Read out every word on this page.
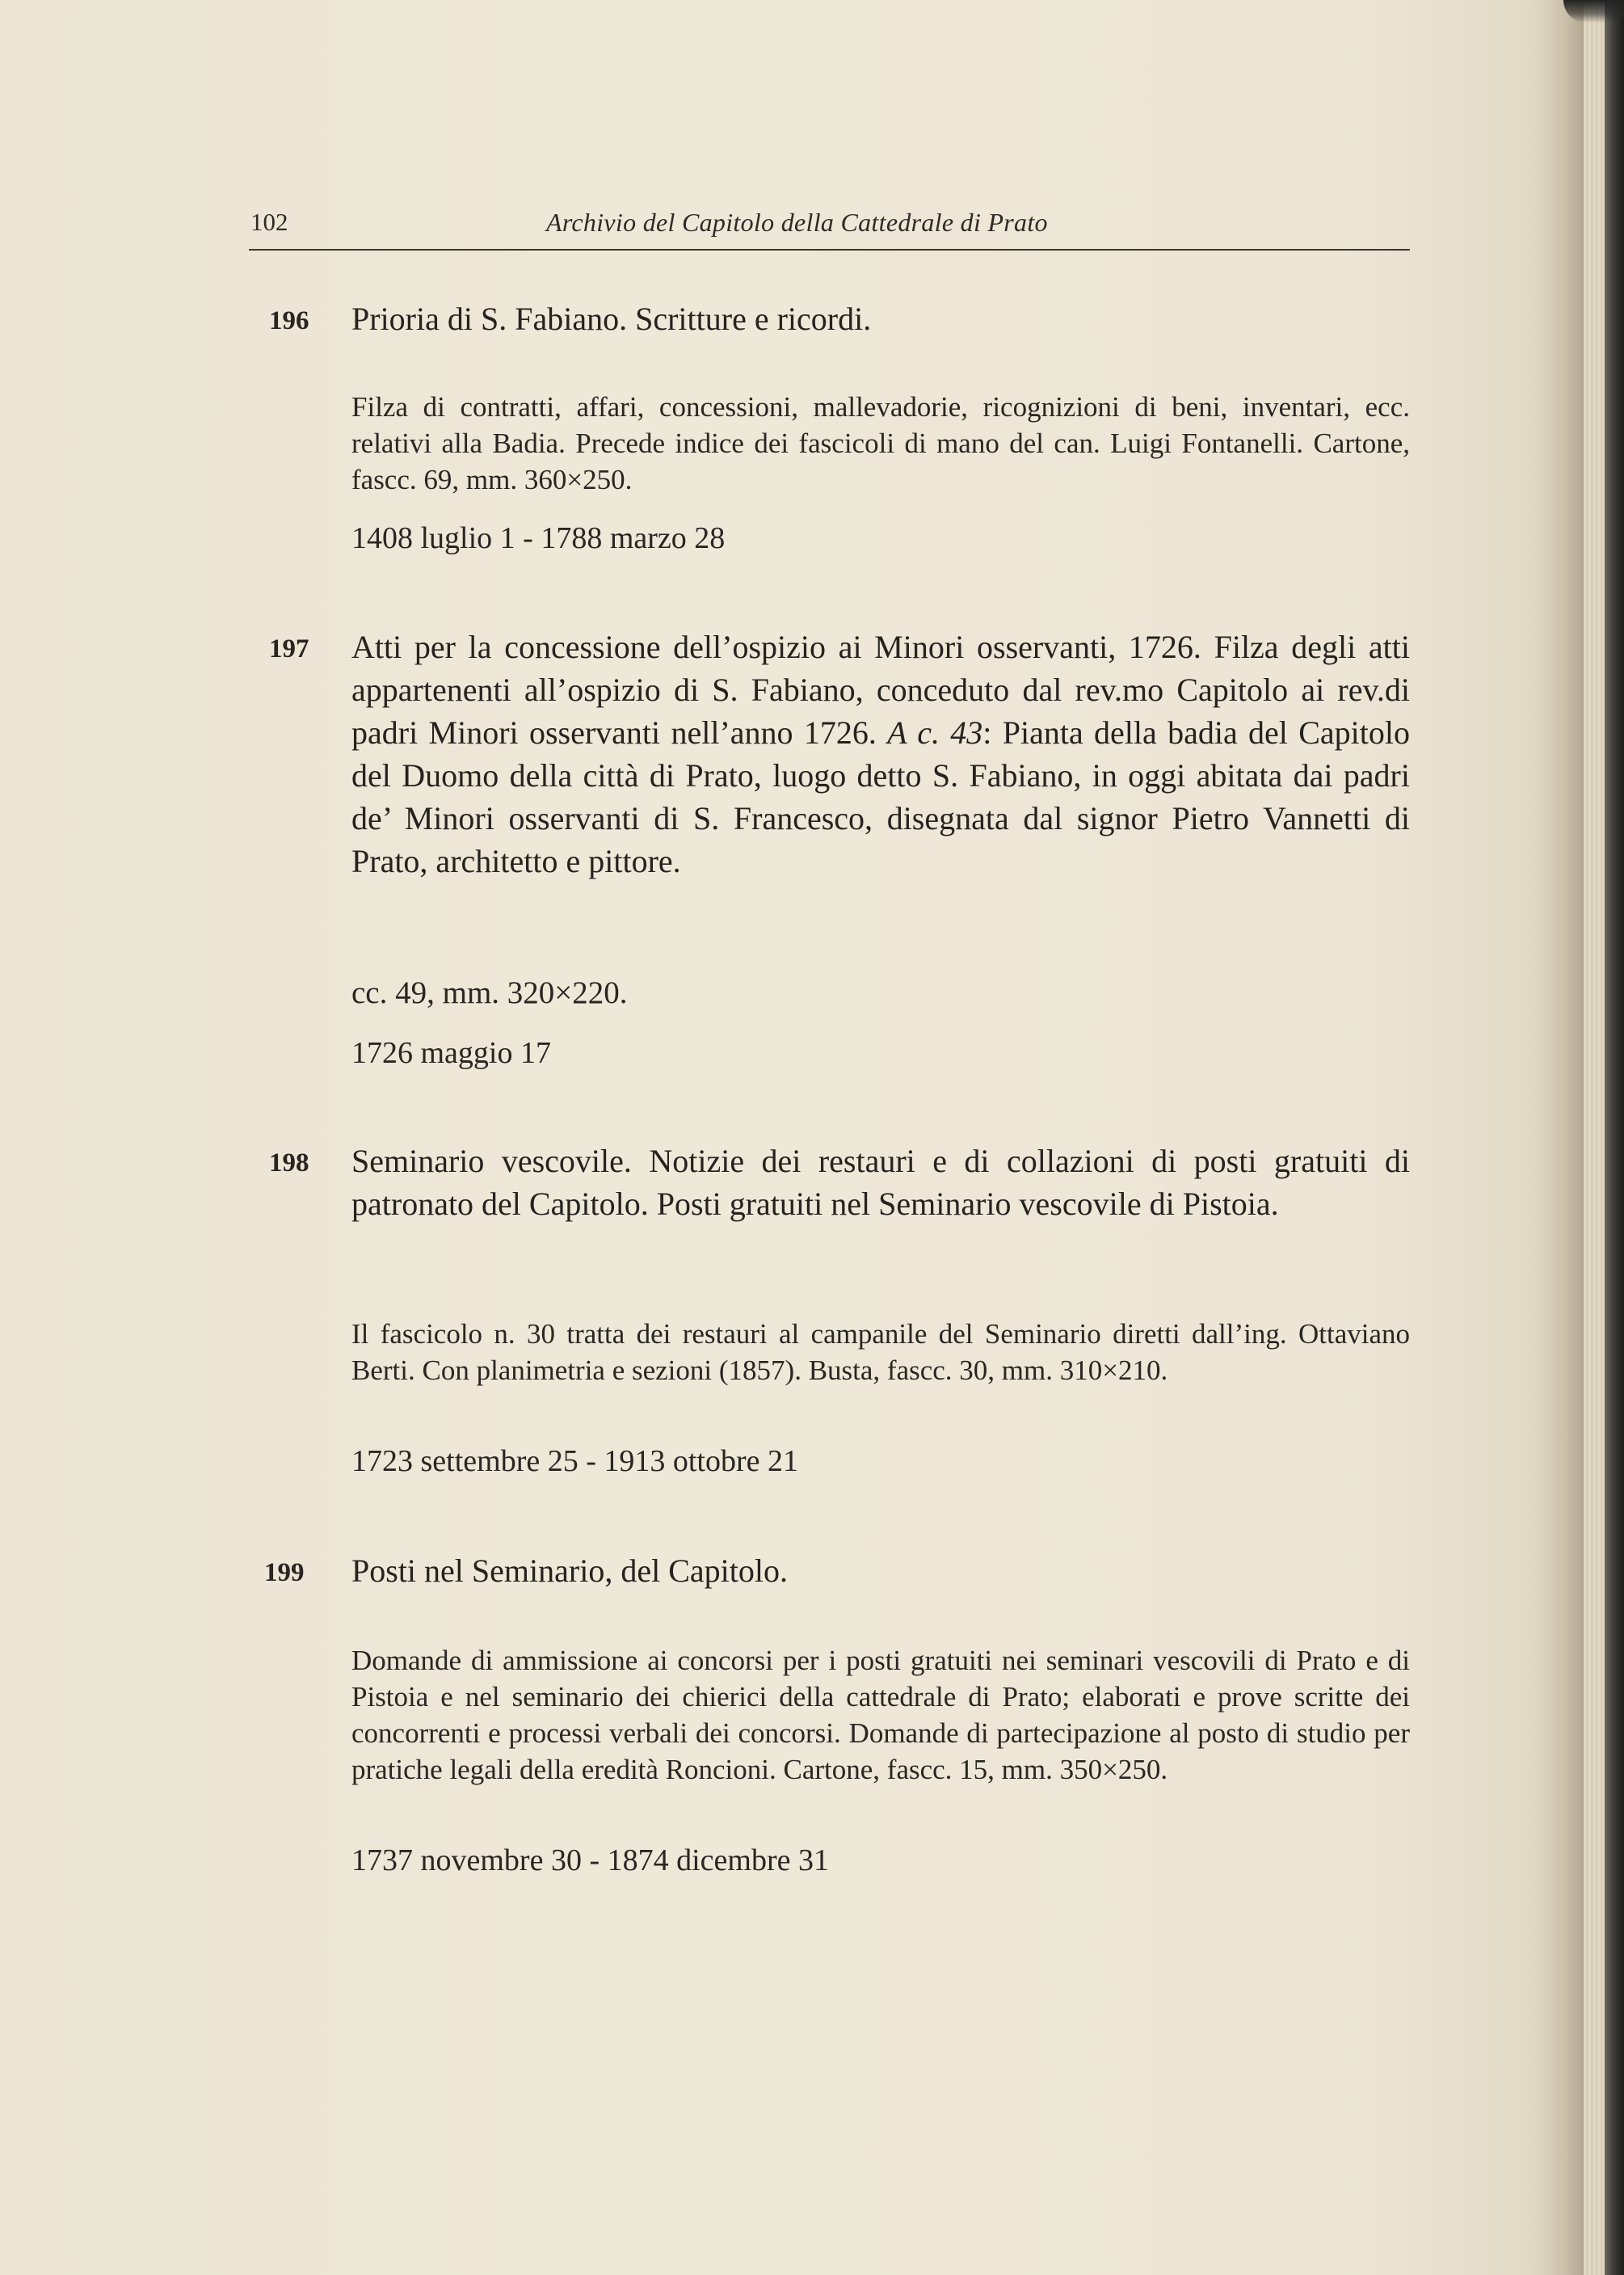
102	Archivio del Capitolo della Cattedrale di Prato
196	Prioria di S. Fabiano. Scritture e ricordi.

Filza di contratti, affari, concessioni, mallevadorie, ricognizioni di beni, inventari, ecc. relativi alla Badia. Precede indice dei fascicoli di mano del can. Luigi Fontanelli. Cartone, fascc. 69, mm. 360×250.

1408 luglio 1 - 1788 marzo 28

197	Atti per la concessione dell’ospizio ai Minori osservanti, 1726. Filza degli atti appartenenti all’ospizio di S. Fabiano, conceduto dal rev.mo Capitolo ai rev.di padri Minori osservanti nell’anno 1726. A c. 43: Pianta della badia del Capitolo del Duomo della città di Prato, luogo detto S. Fabiano, in oggi abitata dai padri de’ Minori osservanti di S. Francesco, disegnata dal signor Pietro Vannetti di Prato, architetto e pittore.

cc. 49, mm. 320×220.

1726 maggio 17

198	Seminario vescovile. Notizie dei restauri e di collazioni di posti gratuiti di patronato del Capitolo. Posti gratuiti nel Seminario vescovile di Pistoia.

Il fascicolo n. 30 tratta dei restauri al campanile del Seminario diretti dall’ing. Ottaviano Berti. Con planimetria e sezioni (1857). Busta, fascc. 30, mm. 310×210.

1723 settembre 25 - 1913 ottobre 21

199	Posti nel Seminario, del Capitolo.

Domande di ammissione ai concorsi per i posti gratuiti nei seminari vescovili di Prato e di Pistoia e nel seminario dei chierici della cattedrale di Prato; elaborati e prove scritte dei concorrenti e processi verbali dei concorsi. Domande di partecipazione al posto di studio per pratiche legali della eredità Roncioni. Cartone, fascc. 15, mm. 350×250.

1737 novembre 30 - 1874 dicembre 31
